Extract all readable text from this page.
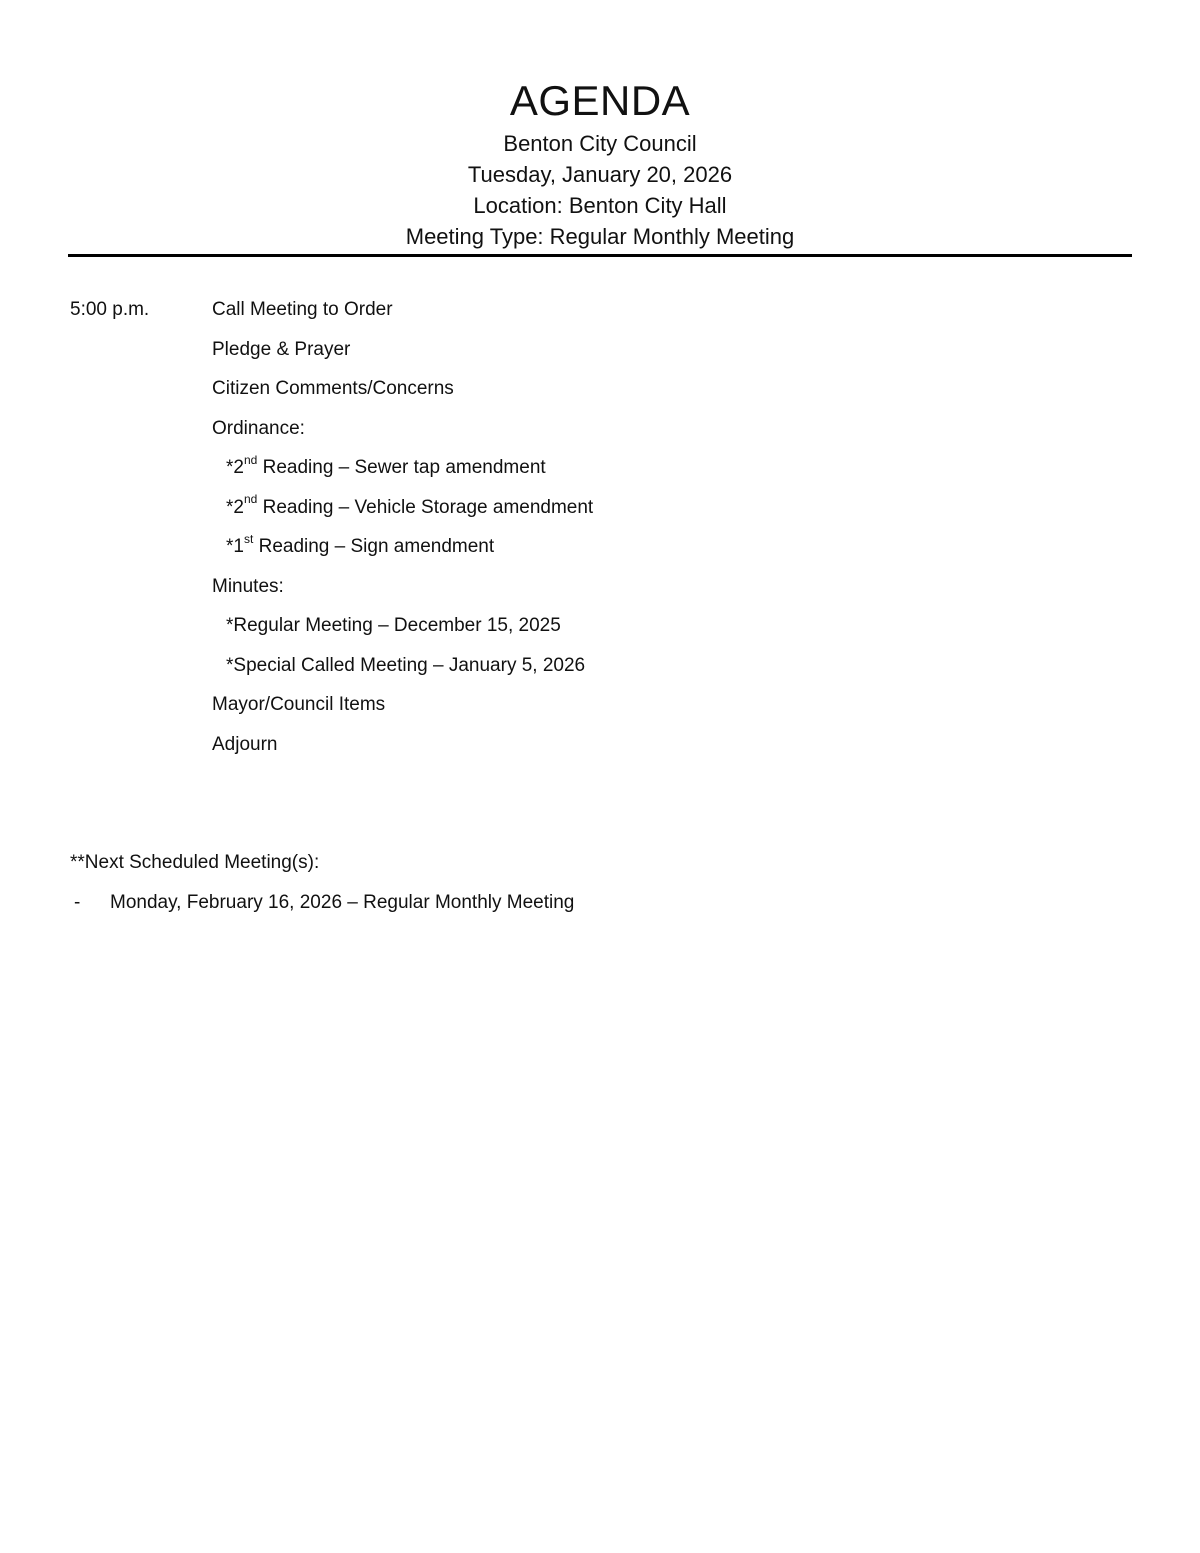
AGENDA

Benton City Council

Tuesday, January 20, 2026

Location: Benton City Hall

Meeting Type: Regular Monthly Meeting

5:00 p.m.	Call Meeting to Order
Pledge & Prayer
Citizen Comments/Concerns
Ordinance:
*2nd Reading – Sewer tap amendment
*2nd Reading – Vehicle Storage amendment
*1st Reading – Sign amendment
Minutes:
*Regular Meeting – December 15, 2025
*Special Called Meeting – January 5, 2026
Mayor/Council Items
Adjourn
**Next Scheduled Meeting(s):
- Monday, February 16, 2026 – Regular Monthly Meeting
